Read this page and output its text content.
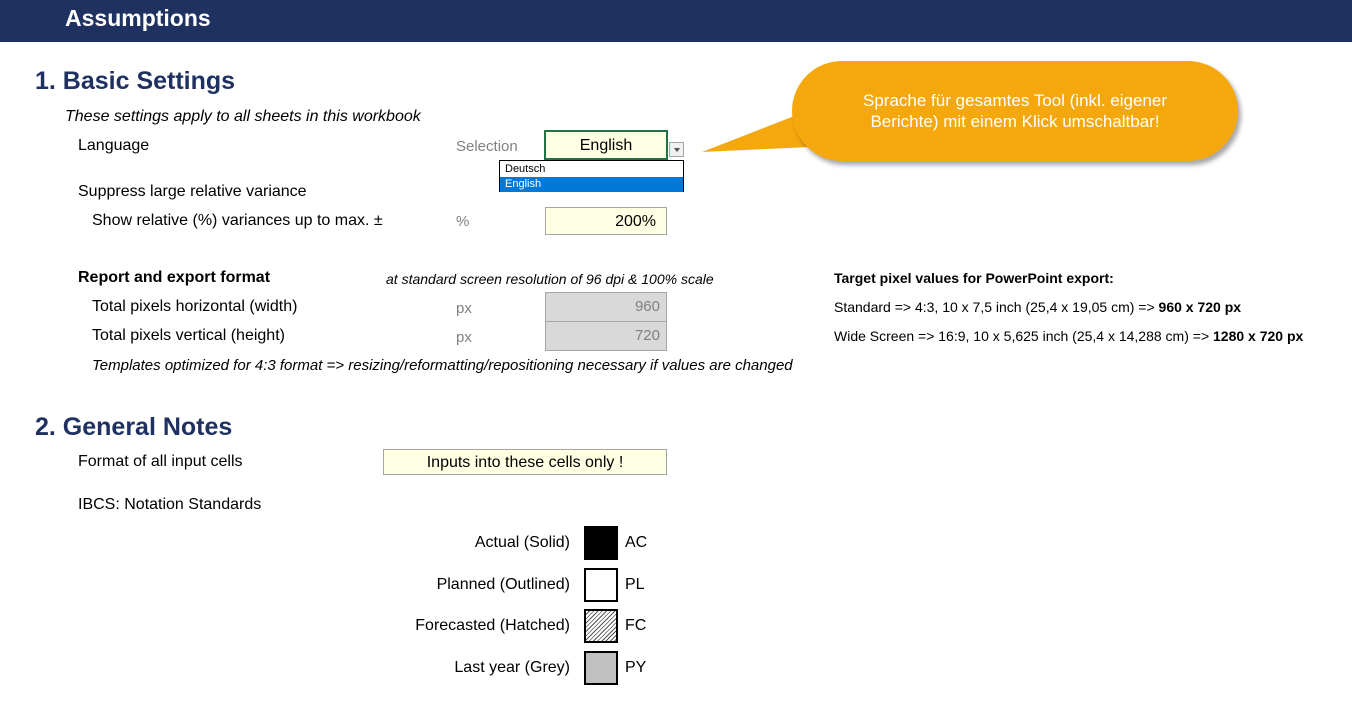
Assumptions
1. Basic Settings
These settings apply to all sheets in this workbook
Language	Selection	English
Deutsch
English
Suppress large relative variance
Show relative (%) variances up to max. ±	%	200%
Report and export format	at standard screen resolution of 96 dpi & 100% scale
Total pixels horizontal (width)	px	960
Total pixels vertical (height)	px	720
Templates optimized for 4:3 format => resizing/reformatting/repositioning necessary if values are changed
Target pixel values for PowerPoint export:
Standard => 4:3, 10 x 7,5 inch (25,4 x 19,05 cm) => 960 x 720 px
Wide Screen => 16:9, 10 x 5,625 inch (25,4 x 14,288 cm) => 1280 x 720 px
Sprache für gesamtes Tool (inkl. eigener Berichte) mit einem Klick umschaltbar!
2. General Notes
Format of all input cells	Inputs into these cells only !
IBCS: Notation Standards
Actual (Solid)	AC
Planned (Outlined)	PL
Forecasted (Hatched)	FC
Last year (Grey)	PY
